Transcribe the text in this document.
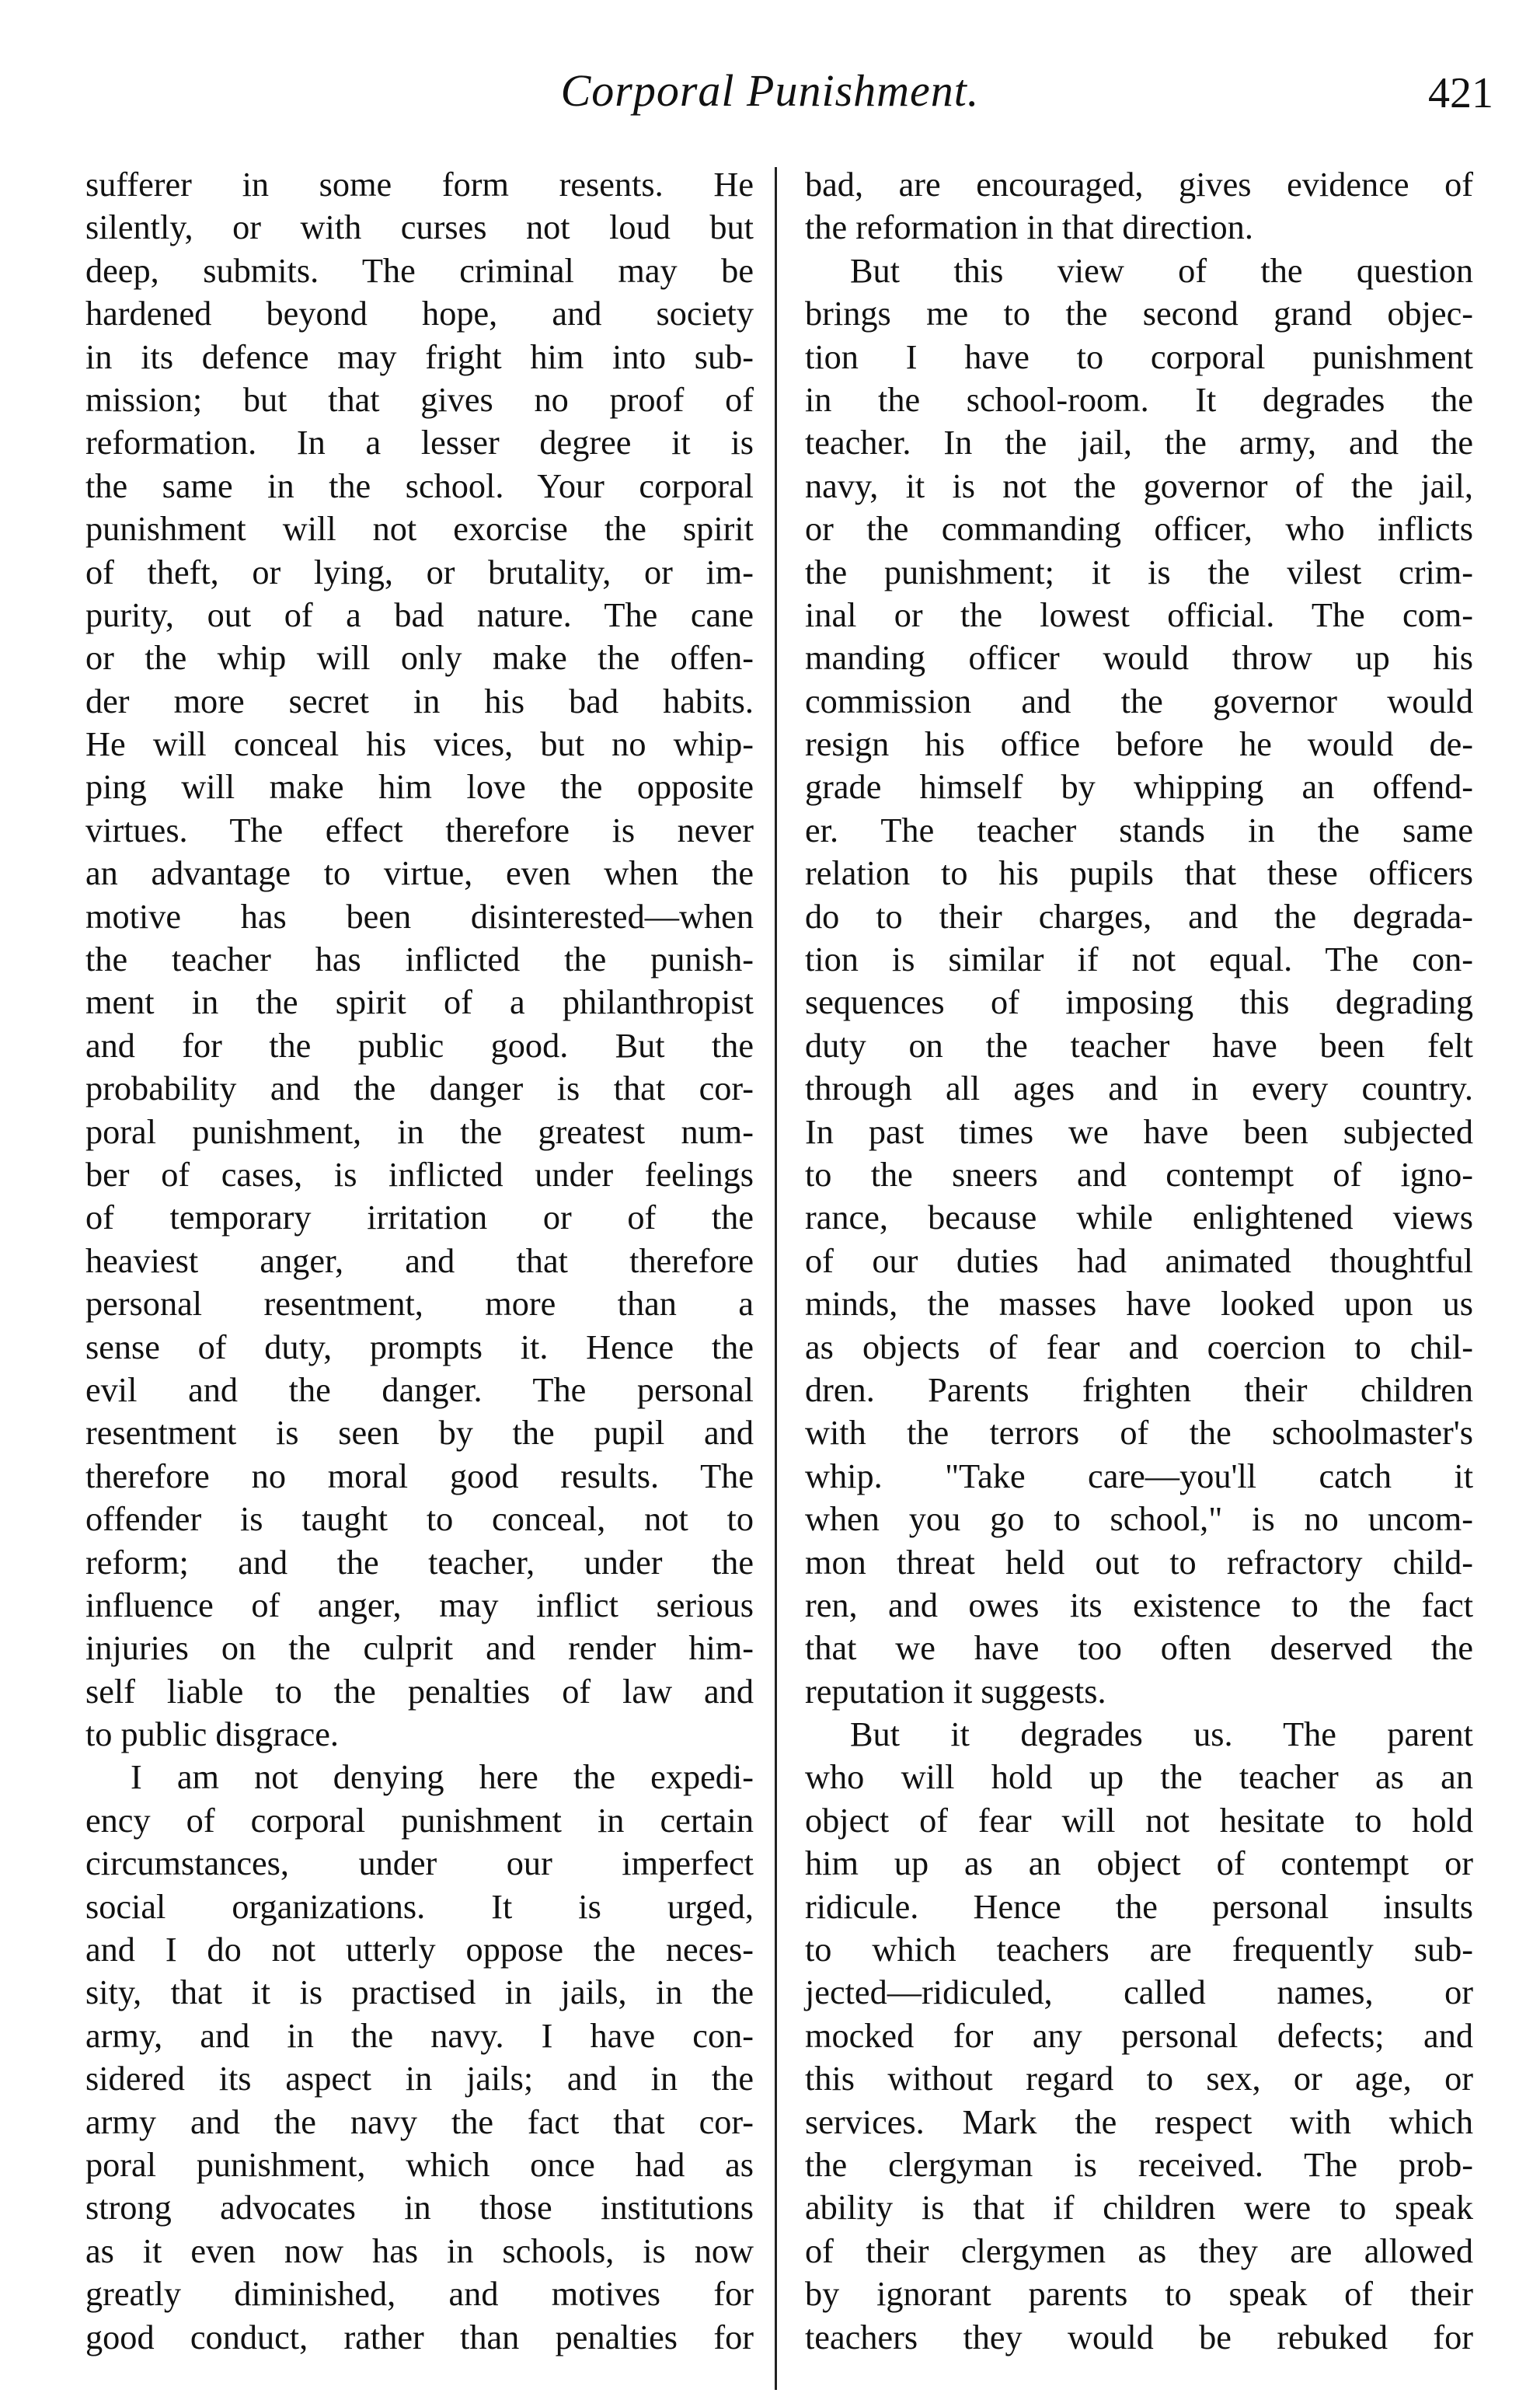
Corporal Punishment.	421
sufferer in some form resents. He
silently, or with curses not loud but
deep, submits. The criminal may be
hardened beyond hope, and society
in its defence may fright him into sub-
mission; but that gives no proof of
reformation. In a lesser degree it is
the same in the school. Your corporal
punishment will not exorcise the spirit
of theft, or lying, or brutality, or im-
purity, out of a bad nature. The cane
or the whip will only make the offen-
der more secret in his bad habits.
He will conceal his vices, but no whip-
ping will make him love the opposite
virtues. The effect therefore is never
an advantage to virtue, even when the
motive has been disinterested—when
the teacher has inflicted the punish-
ment in the spirit of a philanthropist
and for the public good. But the
probability and the danger is that cor-
poral punishment, in the greatest num-
ber of cases, is inflicted under feelings
of temporary irritation or of the
heaviest anger, and that therefore
personal resentment, more than a
sense of duty, prompts it. Hence the
evil and the danger. The personal
resentment is seen by the pupil and
therefore no moral good results. The
offender is taught to conceal, not to
reform; and the teacher, under the
influence of anger, may inflict serious
injuries on the culprit and render him-
self liable to the penalties of law and
to public disgrace.
I am not denying here the expedi-
ency of corporal punishment in certain
circumstances, under our imperfect
social organizations. It is urged,
and I do not utterly oppose the neces-
sity, that it is practised in jails, in the
army, and in the navy. I have con-
sidered its aspect in jails; and in the
army and the navy the fact that cor-
poral punishment, which once had as
strong advocates in those institutions
as it even now has in schools, is now
greatly diminished, and motives for
good conduct, rather than penalties for
bad, are encouraged, gives evidence of
the reformation in that direction.
But this view of the question
brings me to the second grand objec-
tion I have to corporal punishment
in the school-room. It degrades the
teacher. In the jail, the army, and the
navy, it is not the governor of the jail,
or the commanding officer, who inflicts
the punishment; it is the vilest crim-
inal or the lowest official. The com-
manding officer would throw up his
commission and the governor would
resign his office before he would de-
grade himself by whipping an offend-
er. The teacher stands in the same
relation to his pupils that these officers
do to their charges, and the degrada-
tion is similar if not equal. The con-
sequences of imposing this degrading
duty on the teacher have been felt
through all ages and in every country.
In past times we have been subjected
to the sneers and contempt of igno-
rance, because while enlightened views
of our duties had animated thoughtful
minds, the masses have looked upon us
as objects of fear and coercion to chil-
dren. Parents frighten their children
with the terrors of the schoolmaster's
whip. "Take care—you'll catch it
when you go to school," is no uncom-
mon threat held out to refractory child-
ren, and owes its existence to the fact
that we have too often deserved the
reputation it suggests.
But it degrades us. The parent
who will hold up the teacher as an
object of fear will not hesitate to hold
him up as an object of contempt or
ridicule. Hence the personal insults
to which teachers are frequently sub-
jected—ridiculed, called names, or
mocked for any personal defects; and
this without regard to sex, or age, or
services. Mark the respect with which
the clergyman is received. The prob-
ability is that if children were to speak
of their clergymen as they are allowed
by ignorant parents to speak of their
teachers they would be rebuked for
